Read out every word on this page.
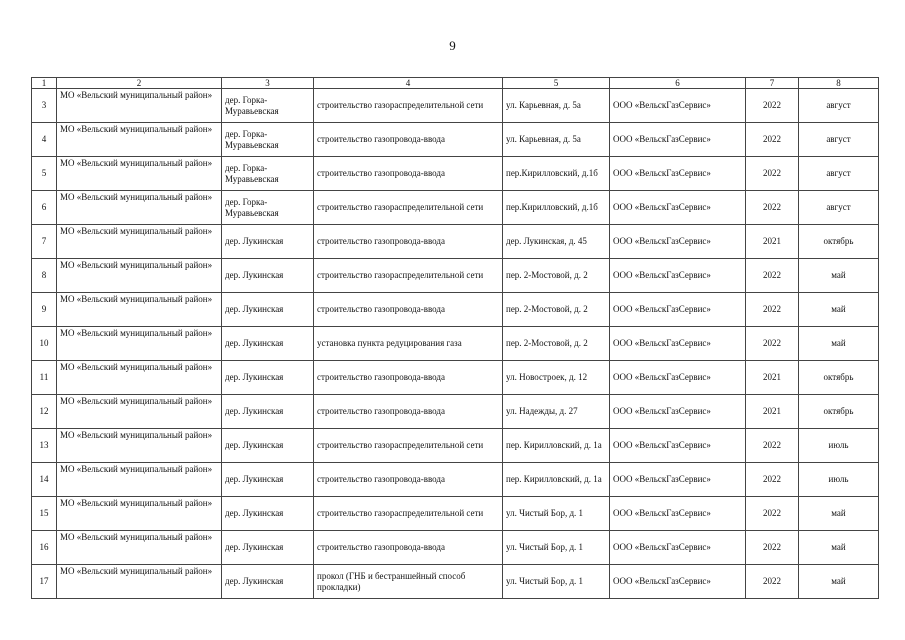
9
1	2	3	4	5	6	7	8
3	МО «Вельский муниципальный район»	дер. Горка-Муравьевская	строительство газораспределительной сети	ул. Карьевная, д. 5а	ООО «ВельскГазСервис»	2022	август
4	МО «Вельский муниципальный район»	дер. Горка-Муравьевская	строительство газопровода-ввода	ул. Карьевная, д. 5а	ООО «ВельскГазСервис»	2022	август
5	МО «Вельский муниципальный район»	дер. Горка-Муравьевская	строительство газопровода-ввода	пер.Кирилловский, д.1б	ООО «ВельскГазСервис»	2022	август
6	МО «Вельский муниципальный район»	дер. Горка-Муравьевская	строительство газораспределительной сети	пер.Кирилловский, д.1б	ООО «ВельскГазСервис»	2022	август
7	МО «Вельский муниципальный район»	дер. Лукинская	строительство газопровода-ввода	дер. Лукинская, д. 45	ООО «ВельскГазСервис»	2021	октябрь
8	МО «Вельский муниципальный район»	дер. Лукинская	строительство газораспределительной сети	пер. 2-Мостовой, д. 2	ООО «ВельскГазСервис»	2022	май
9	МО «Вельский муниципальный район»	дер. Лукинская	строительство газопровода-ввода	пер. 2-Мостовой, д. 2	ООО «ВельскГазСервис»	2022	май
10	МО «Вельский муниципальный район»	дер. Лукинская	установка пункта редуцирования газа	пер. 2-Мостовой, д. 2	ООО «ВельскГазСервис»	2022	май
11	МО «Вельский муниципальный район»	дер. Лукинская	строительство газопровода-ввода	ул. Новостроек, д. 12	ООО «ВельскГазСервис»	2021	октябрь
12	МО «Вельский муниципальный район»	дер. Лукинская	строительство газопровода-ввода	ул. Надежды, д. 27	ООО «ВельскГазСервис»	2021	октябрь
13	МО «Вельский муниципальный район»	дер. Лукинская	строительство газораспределительной сети	пер. Кирилловский, д. 1а	ООО «ВельскГазСервис»	2022	июль
14	МО «Вельский муниципальный район»	дер. Лукинская	строительство газопровода-ввода	пер. Кирилловский, д. 1а	ООО «ВельскГазСервис»	2022	июль
15	МО «Вельский муниципальный район»	дер. Лукинская	строительство газораспределительной сети	ул. Чистый Бор, д. 1	ООО «ВельскГазСервис»	2022	май
16	МО «Вельский муниципальный район»	дер. Лукинская	строительство газопровода-ввода	ул. Чистый Бор, д. 1	ООО «ВельскГазСервис»	2022	май
17	МО «Вельский муниципальный район»	дер. Лукинская	прокол (ГНБ и бестраншейный способ прокладки)	ул. Чистый Бор, д. 1	ООО «ВельскГазСервис»	2022	май
